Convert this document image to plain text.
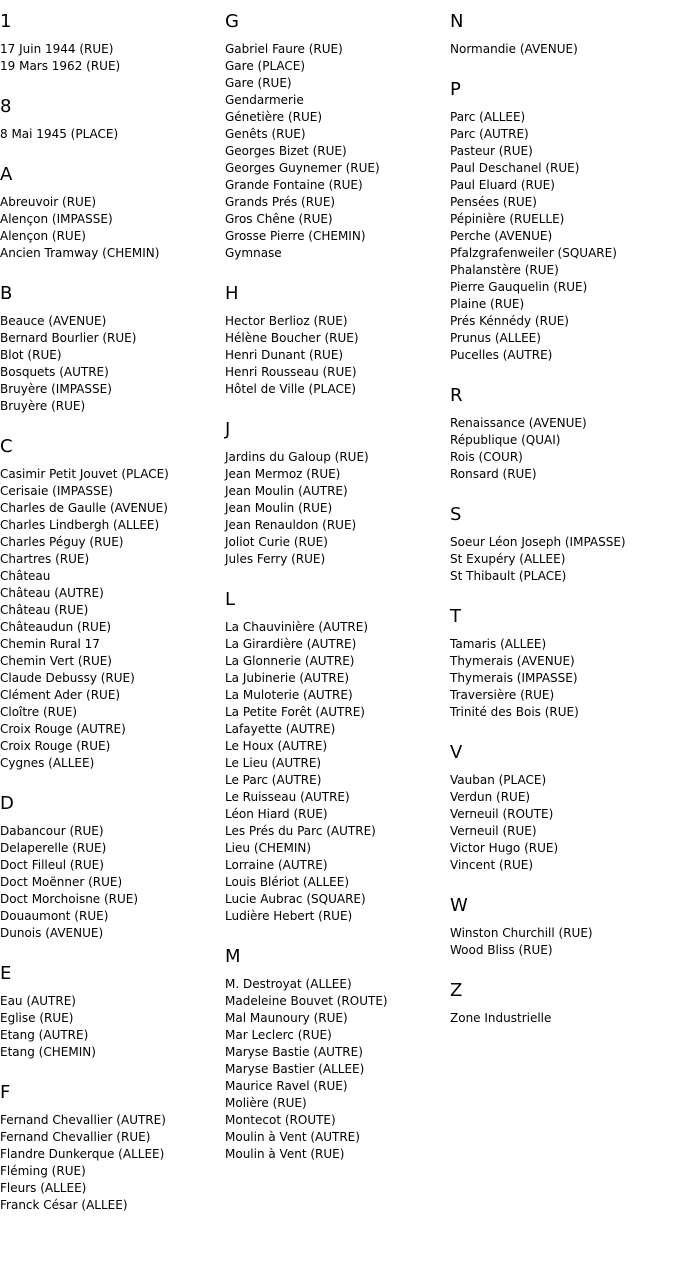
1
17 Juin 1944 (RUE)
19 Mars 1962 (RUE)
8
8 Mai 1945 (PLACE)
A
Abreuvoir (RUE)
Alençon (IMPASSE)
Alençon (RUE)
Ancien Tramway (CHEMIN)
B
Beauce (AVENUE)
Bernard Bourlier (RUE)
Blot (RUE)
Bosquets (AUTRE)
Bruyère (IMPASSE)
Bruyère (RUE)
C
Casimir Petit Jouvet (PLACE)
Cerisaie (IMPASSE)
Charles de Gaulle (AVENUE)
Charles Lindbergh (ALLEE)
Charles Péguy (RUE)
Chartres (RUE)
Château
Château (AUTRE)
Château (RUE)
Châteaudun (RUE)
Chemin Rural 17
Chemin Vert (RUE)
Claude Debussy (RUE)
Clément Ader (RUE)
Cloître (RUE)
Croix Rouge (AUTRE)
Croix Rouge (RUE)
Cygnes (ALLEE)
D
Dabancour (RUE)
Delaperelle (RUE)
Doct Filleul (RUE)
Doct Moënner (RUE)
Doct Morchoisne (RUE)
Douaumont (RUE)
Dunois (AVENUE)
E
Eau (AUTRE)
Eglise (RUE)
Etang (AUTRE)
Etang (CHEMIN)
F
Fernand Chevallier (AUTRE)
Fernand Chevallier (RUE)
Flandre Dunkerque (ALLEE)
Fléming (RUE)
Fleurs (ALLEE)
Franck César (ALLEE)
G
Gabriel Faure (RUE)
Gare (PLACE)
Gare (RUE)
Gendarmerie
Génetière (RUE)
Genêts (RUE)
Georges Bizet (RUE)
Georges Guynemer (RUE)
Grande Fontaine (RUE)
Grands Prés (RUE)
Gros Chêne (RUE)
Grosse Pierre (CHEMIN)
Gymnase
H
Hector Berlioz (RUE)
Hélène Boucher (RUE)
Henri Dunant (RUE)
Henri Rousseau (RUE)
Hôtel de Ville (PLACE)
J
Jardins du Galoup (RUE)
Jean Mermoz (RUE)
Jean Moulin (AUTRE)
Jean Moulin (RUE)
Jean Renauldon (RUE)
Joliot Curie (RUE)
Jules Ferry (RUE)
L
La Chauvinière (AUTRE)
La Girardière (AUTRE)
La Glonnerie (AUTRE)
La Jubinerie (AUTRE)
La Muloterie (AUTRE)
La Petite Forêt (AUTRE)
Lafayette (AUTRE)
Le Houx (AUTRE)
Le Lieu (AUTRE)
Le Parc (AUTRE)
Le Ruisseau (AUTRE)
Léon Hiard (RUE)
Les Prés du Parc (AUTRE)
Lieu (CHEMIN)
Lorraine (AUTRE)
Louis Blériot (ALLEE)
Lucie Aubrac (SQUARE)
Ludière Hebert (RUE)
M
M. Destroyat (ALLEE)
Madeleine Bouvet (ROUTE)
Mal Maunoury (RUE)
Mar Leclerc (RUE)
Maryse Bastie (AUTRE)
Maryse Bastier (ALLEE)
Maurice Ravel (RUE)
Molière (RUE)
Montecot (ROUTE)
Moulin à Vent (AUTRE)
Moulin à Vent (RUE)
N
Normandie (AVENUE)
P
Parc (ALLEE)
Parc (AUTRE)
Pasteur (RUE)
Paul Deschanel (RUE)
Paul Eluard (RUE)
Pensées (RUE)
Pépinière (RUELLE)
Perche (AVENUE)
Pfalzgrafenweiler (SQUARE)
Phalanstère (RUE)
Pierre Gauquelin (RUE)
Plaine (RUE)
Prés Kénnédy (RUE)
Prunus (ALLEE)
Pucelles (AUTRE)
R
Renaissance (AVENUE)
République (QUAI)
Rois (COUR)
Ronsard (RUE)
S
Soeur Léon Joseph (IMPASSE)
St Exupéry (ALLEE)
St Thibault (PLACE)
T
Tamaris (ALLEE)
Thymerais (AVENUE)
Thymerais (IMPASSE)
Traversière (RUE)
Trinité des Bois (RUE)
V
Vauban (PLACE)
Verdun (RUE)
Verneuil (ROUTE)
Verneuil (RUE)
Victor Hugo (RUE)
Vincent (RUE)
W
Winston Churchill (RUE)
Wood Bliss (RUE)
Z
Zone Industrielle
